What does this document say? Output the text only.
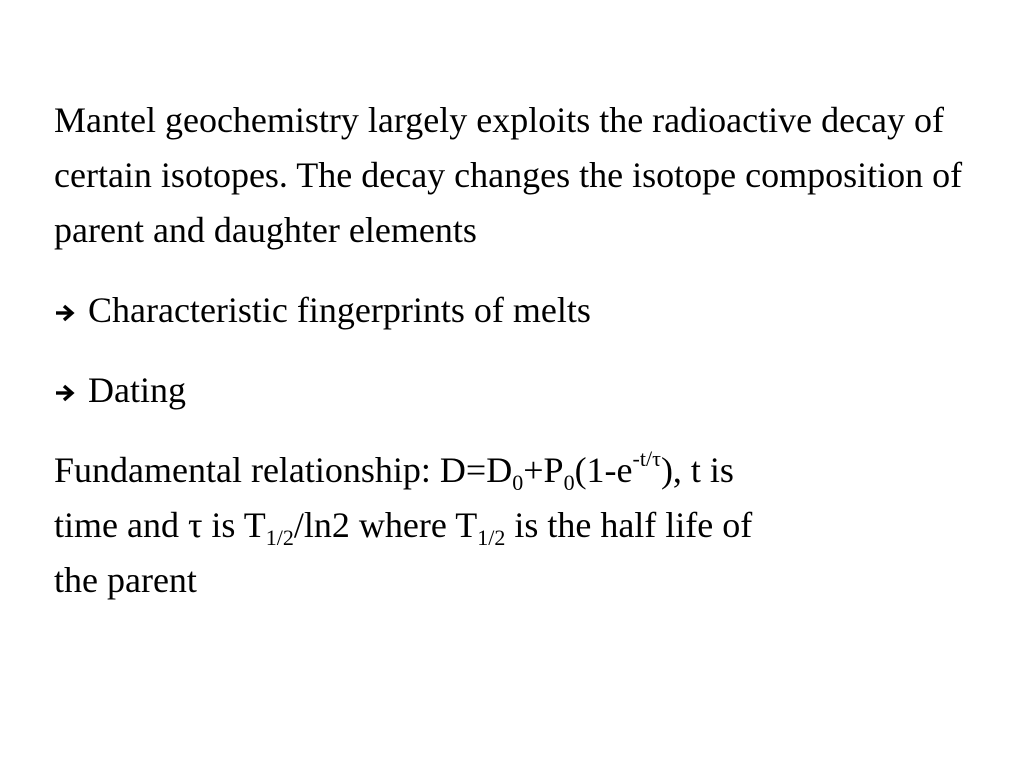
Mantel geochemistry largely exploits the radioactive decay of certain isotopes. The decay changes the isotope composition of parent and daughter elements

Characteristic fingerprints of melts

Dating

Fundamental relationship: $D=D_0+P_0(1-e^{-t/\tau})$, t is
time and τ is $T_{1/2}/\ln 2$ where $T_{1/2}$ is the half life of
the parent
